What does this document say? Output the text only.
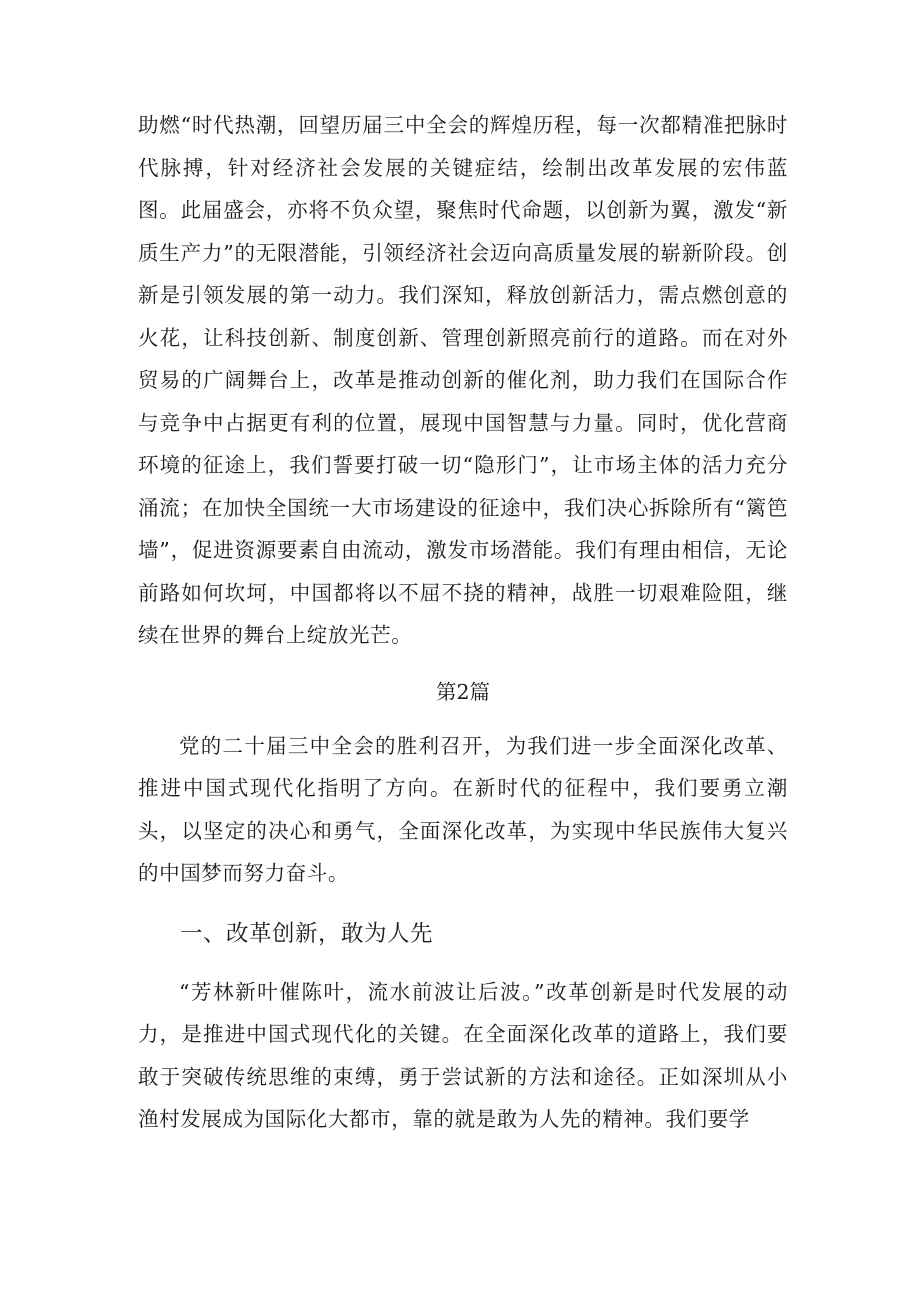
助燃“时代热潮，回望历届三中全会的辉煌历程，每一次都精准把脉时代脉搏，针对经济社会发展的关键症结，绘制出改革发展的宏伟蓝图。此届盛会，亦将不负众望，聚焦时代命题，以创新为翼，激发“新质生产力”的无限潜能，引领经济社会迈向高质量发展的崭新阶段。创新是引领发展的第一动力。我们深知，释放创新活力，需点燃创意的火花，让科技创新、制度创新、管理创新照亮前行的道路。而在对外贸易的广阔舞台上，改革是推动创新的催化剂，助力我们在国际合作与竞争中占据更有利的位置，展现中国智慧与力量。同时，优化营商环境的征途上，我们誓要打破一切“隐形门”，让市场主体的活力充分涌流；在加快全国统一大市场建设的征途中，我们决心拆除所有“篱笆墙”，促进资源要素自由流动，激发市场潜能。我们有理由相信，无论前路如何坎坷，中国都将以不屈不挠的精神，战胜一切艰难险阻，继续在世界的舞台上绽放光芒。

第2篇

党的二十届三中全会的胜利召开，为我们进一步全面深化改革、推进中国式现代化指明了方向。在新时代的征程中，我们要勇立潮头，以坚定的决心和勇气，全面深化改革，为实现中华民族伟大复兴的中国梦而努力奋斗。

一、改革创新，敢为人先

“芳林新叶催陈叶，流水前波让后波。”改革创新是时代发展的动力，是推进中国式现代化的关键。在全面深化改革的道路上，我们要敢于突破传统思维的束缚，勇于尝试新的方法和途径。正如深圳从小渔村发展成为国际化大都市，靠的就是敢为人先的精神。我们要学
